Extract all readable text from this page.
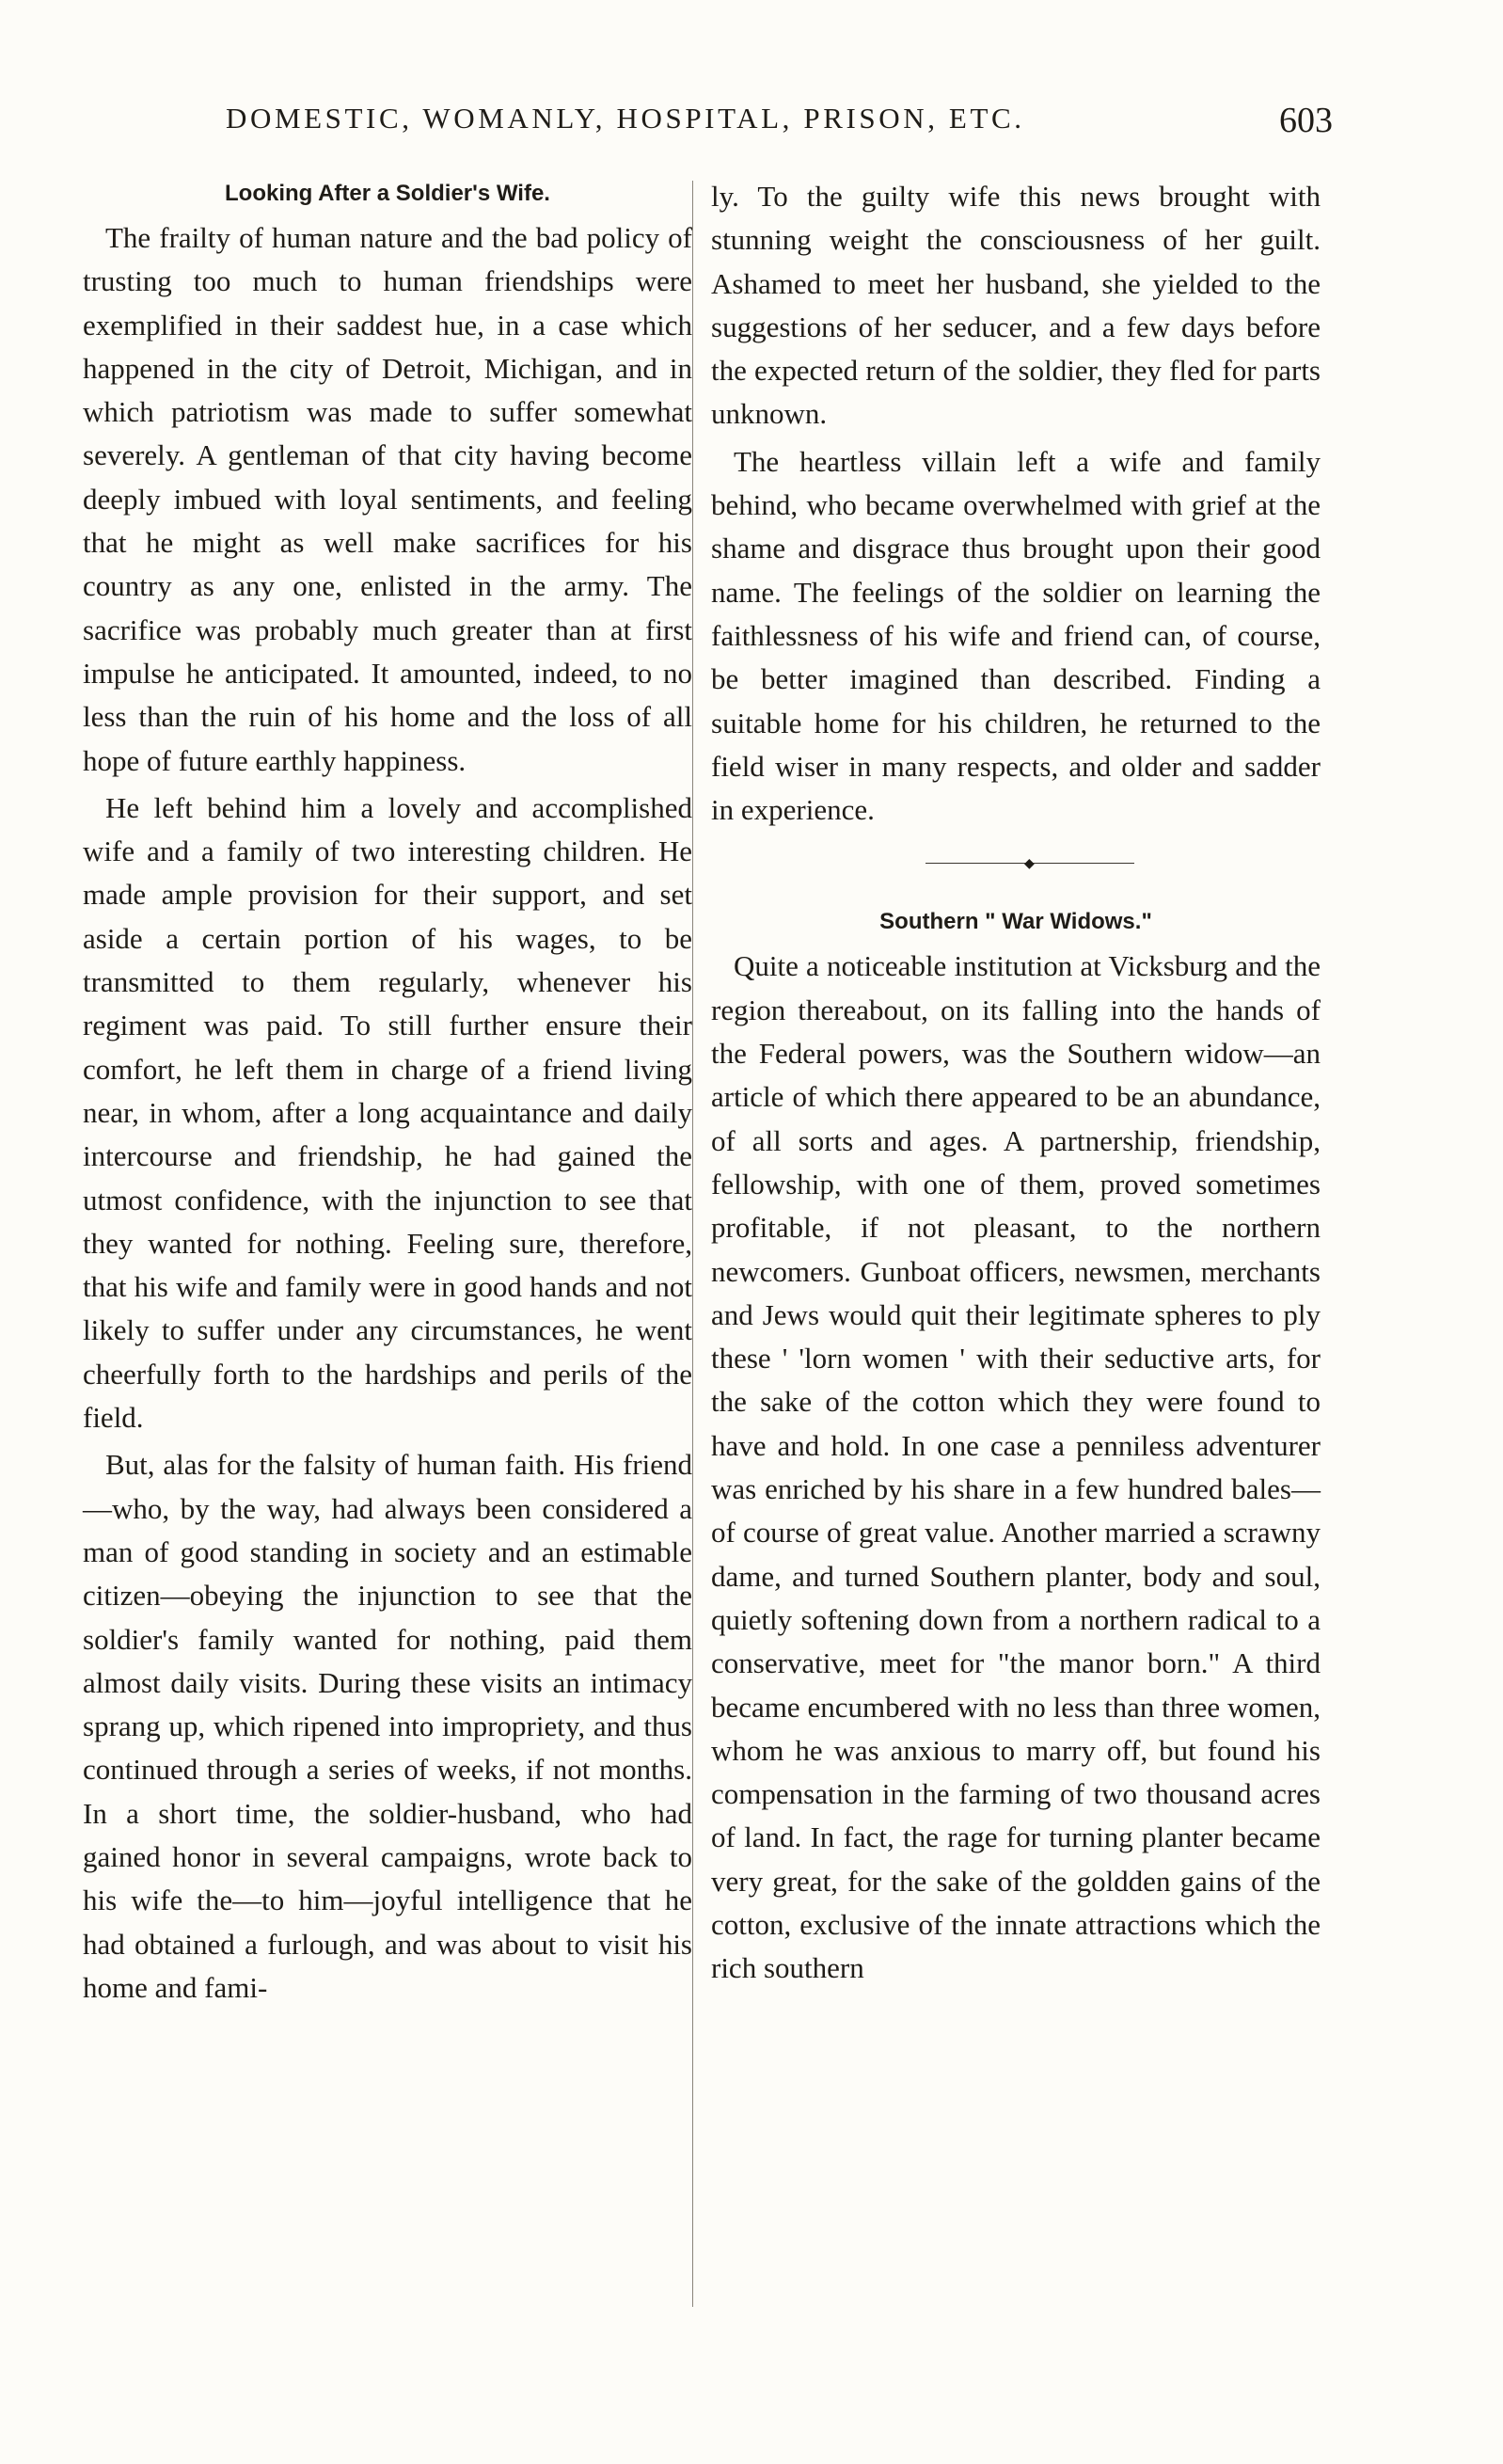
DOMESTIC, WOMANLY, HOSPITAL, PRISON, ETC.	603
Looking After a Soldier's Wife.

The frailty of human nature and the bad policy of trusting too much to human friendships were exemplified in their saddest hue, in a case which happened in the city of Detroit, Michigan, and in which patriotism was made to suffer somewhat severely. A gentleman of that city having become deeply imbued with loyal sentiments, and feeling that he might as well make sacrifices for his country as any one, enlisted in the army. The sacrifice was probably much greater than at first impulse he anticipated. It amounted, indeed, to no less than the ruin of his home and the loss of all hope of future earthly happiness.

He left behind him a lovely and accomplished wife and a family of two interesting children. He made ample provision for their support, and set aside a certain portion of his wages, to be transmitted to them regularly, whenever his regiment was paid. To still further ensure their comfort, he left them in charge of a friend living near, in whom, after a long acquaintance and daily intercourse and friendship, he had gained the utmost confidence, with the injunction to see that they wanted for nothing. Feeling sure, therefore, that his wife and family were in good hands and not likely to suffer under any circumstances, he went cheerfully forth to the hardships and perils of the field.

But, alas for the falsity of human faith. His friend—who, by the way, had always been considered a man of good standing in society and an estimable citizen—obeying the injunction to see that the soldier's family wanted for nothing, paid them almost daily visits. During these visits an intimacy sprang up, which ripened into impropriety, and thus continued through a series of weeks, if not months. In a short time, the soldier-husband, who had gained honor in several campaigns, wrote back to his wife the—to him—joyful intelligence that he had obtained a furlough, and was about to visit his home and fami-

ly. To the guilty wife this news brought with stunning weight the consciousness of her guilt. Ashamed to meet her husband, she yielded to the suggestions of her seducer, and a few days before the expected return of the soldier, they fled for parts unknown.

The heartless villain left a wife and family behind, who became overwhelmed with grief at the shame and disgrace thus brought upon their good name. The feelings of the soldier on learning the faithlessness of his wife and friend can, of course, be better imagined than described. Finding a suitable home for his children, he returned to the field wiser in many respects, and older and sadder in experience.

◆
Southern " War Widows."

Quite a noticeable institution at Vicksburg and the region thereabout, on its falling into the hands of the Federal powers, was the Southern widow—an article of which there appeared to be an abundance, of all sorts and ages. A partnership, friendship, fellowship, with one of them, proved sometimes profitable, if not pleasant, to the northern newcomers. Gunboat officers, newsmen, merchants and Jews would quit their legitimate spheres to ply these ' 'lorn women ' with their seductive arts, for the sake of the cotton which they were found to have and hold. In one case a penniless adventurer was enriched by his share in a few hundred bales—of course of great value. Another married a scrawny dame, and turned Southern planter, body and soul, quietly softening down from a northern radical to a conservative, meet for "the manor born." A third became encumbered with no less than three women, whom he was anxious to marry off, but found his compensation in the farming of two thousand acres of land. In fact, the rage for turning planter became very great, for the sake of the goldden gains of the cotton, exclusive of the innate attractions which the rich southern
